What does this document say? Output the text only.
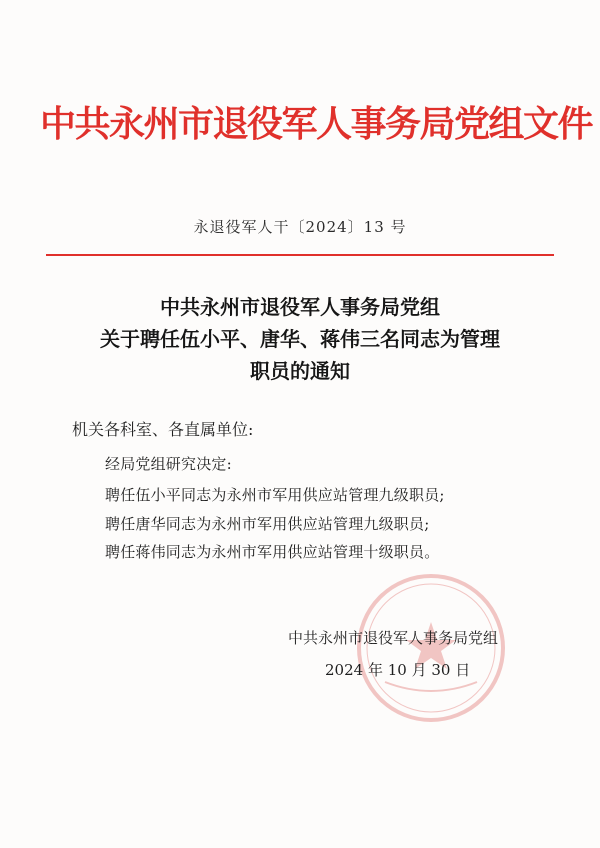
中共永州市退役军人事务局党组文件
永退役军人干〔2024〕13 号
中共永州市退役军人事务局党组
关于聘任伍小平、唐华、蒋伟三名同志为管理
职员的通知
机关各科室、各直属单位:
经局党组研究决定:
聘任伍小平同志为永州市军用供应站管理九级职员;
聘任唐华同志为永州市军用供应站管理九级职员;
聘任蒋伟同志为永州市军用供应站管理十级职员。
中共永州市退役军人事务局党组
2024 年 10 月 30 日
